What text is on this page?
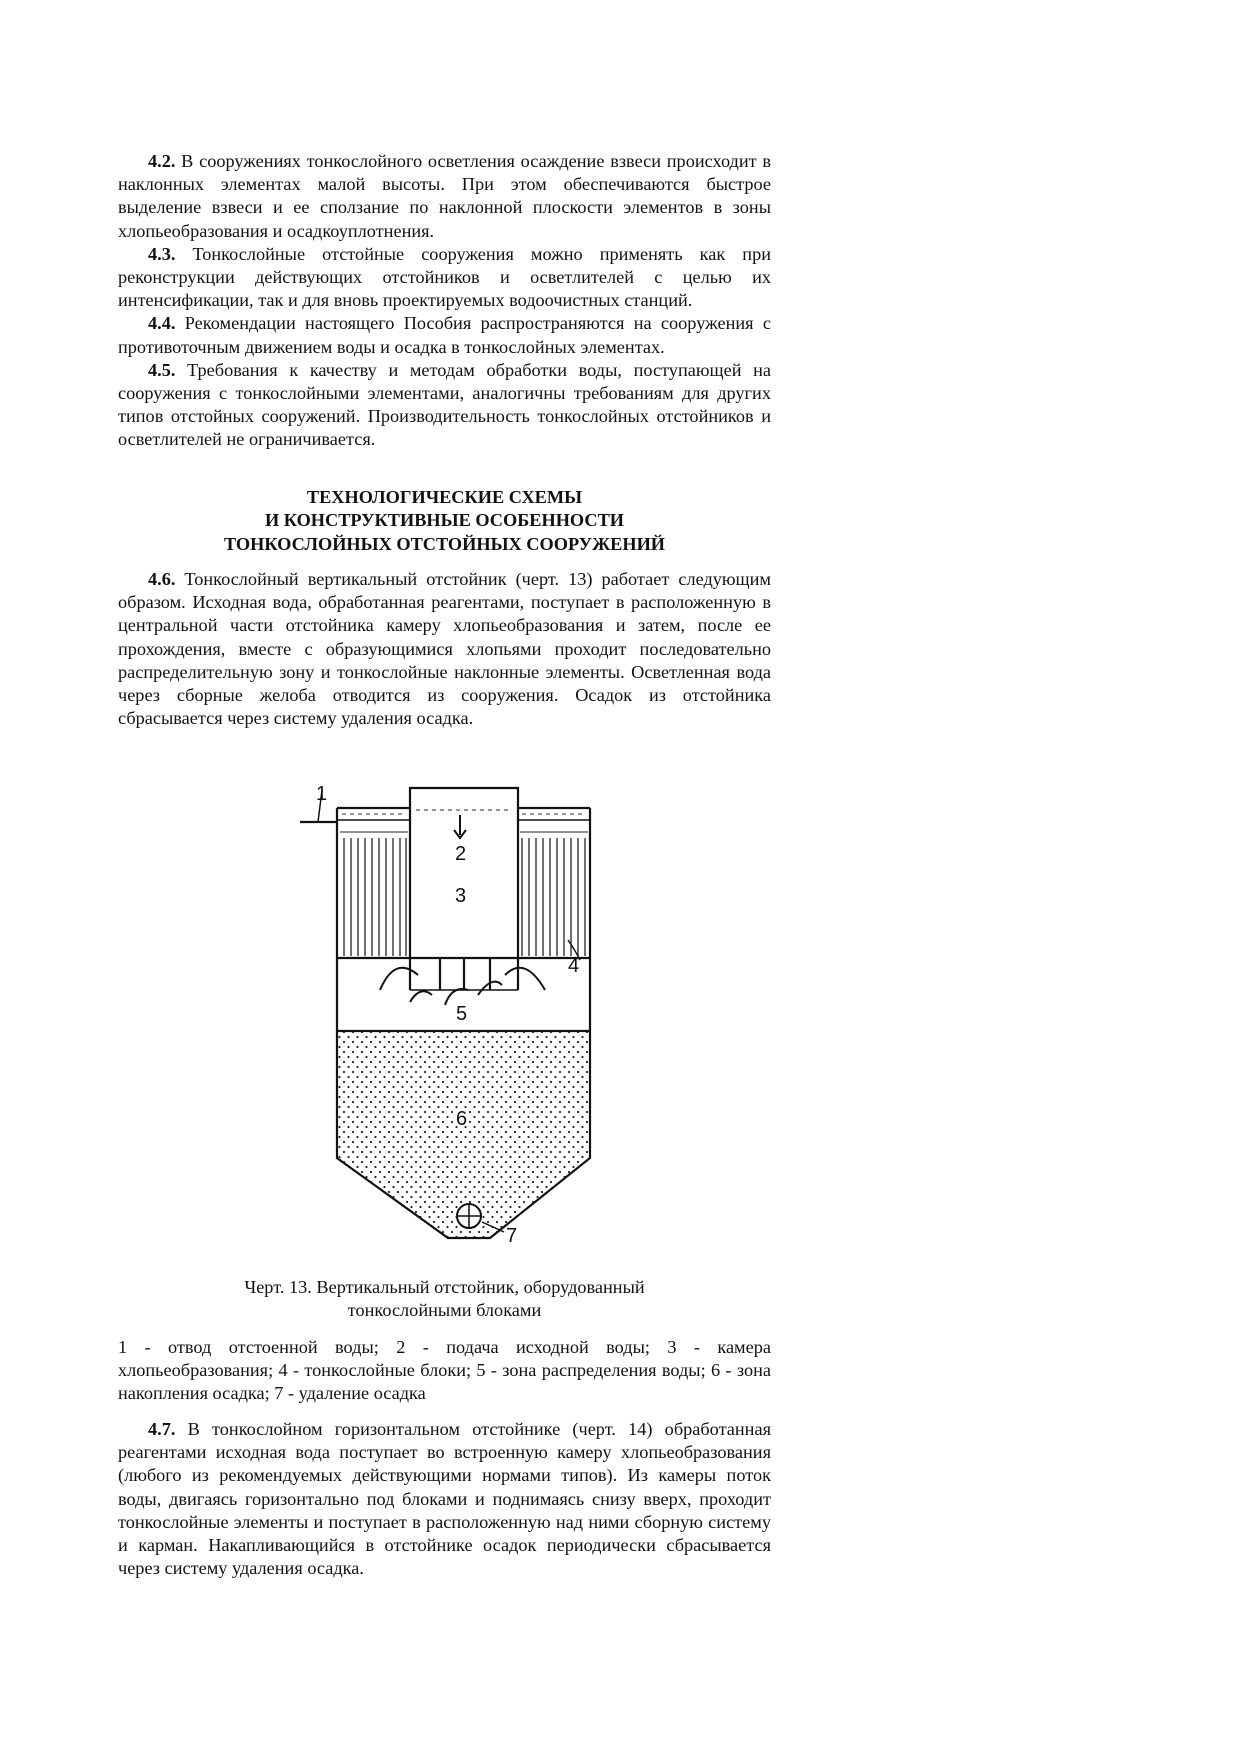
4.2. В сооружениях тонкослойного осветления осаждение взвеси происходит в наклонных элементах малой высоты. При этом обеспечиваются быстрое выделение взвеси и ее сползание по наклонной плоскости элементов в зоны хлопьеобразования и осадкоуплотнения.

4.3. Тонкослойные отстойные сооружения можно применять как при реконструкции действующих отстойников и осветлителей с целью их интенсификации, так и для вновь проектируемых водоочистных станций.

4.4. Рекомендации настоящего Пособия распространяются на сооружения с противоточным движением воды и осадка в тонкослойных элементах.

4.5. Требования к качеству и методам обработки воды, поступающей на сооружения с тонкослойными элементами, аналогичны требованиям для других типов отстойных сооружений. Производительность тонкослойных отстойников и осветлителей не ограничивается.

ТЕХНОЛОГИЧЕСКИЕ СХЕМЫ
И КОНСТРУКТИВНЫЕ ОСОБЕННОСТИ
ТОНКОСЛОЙНЫХ ОТСТОЙНЫХ СООРУЖЕНИЙ

4.6. Тонкослойный вертикальный отстойник (черт. 13) работает следующим образом. Исходная вода, обработанная реагентами, поступает в расположенную в центральной части отстойника камеру хлопьеобразования и затем, после ее прохождения, вместе с образующимися хлопьями проходит последовательно распределительную зону и тонкослойные наклонные элементы. Осветленная вода через сборные желоба отводится из сооружения. Осадок из отстойника сбрасывается через систему удаления осадка.

1
2
3
4
5
6
7
Черт. 13. Вертикальный отстойник, оборудованный
тонкослойными блоками

1 - отвод отстоенной воды; 2 - подача исходной воды; 3 - камера хлопьеобразования; 4 - тонкослойные блоки; 5 - зона распределения воды; 6 - зона накопления осадка; 7 - удаление осадка

4.7. В тонкослойном горизонтальном отстойнике (черт. 14) обработанная реагентами исходная вода поступает во встроенную камеру хлопьеобразования (любого из рекомендуемых действующими нормами типов). Из камеры поток воды, двигаясь горизонтально под блоками и поднимаясь снизу вверх, проходит тонкослойные элементы и поступает в расположенную над ними сборную систему и карман. Накапливающийся в отстойнике осадок периодически сбрасывается через систему удаления осадка.
